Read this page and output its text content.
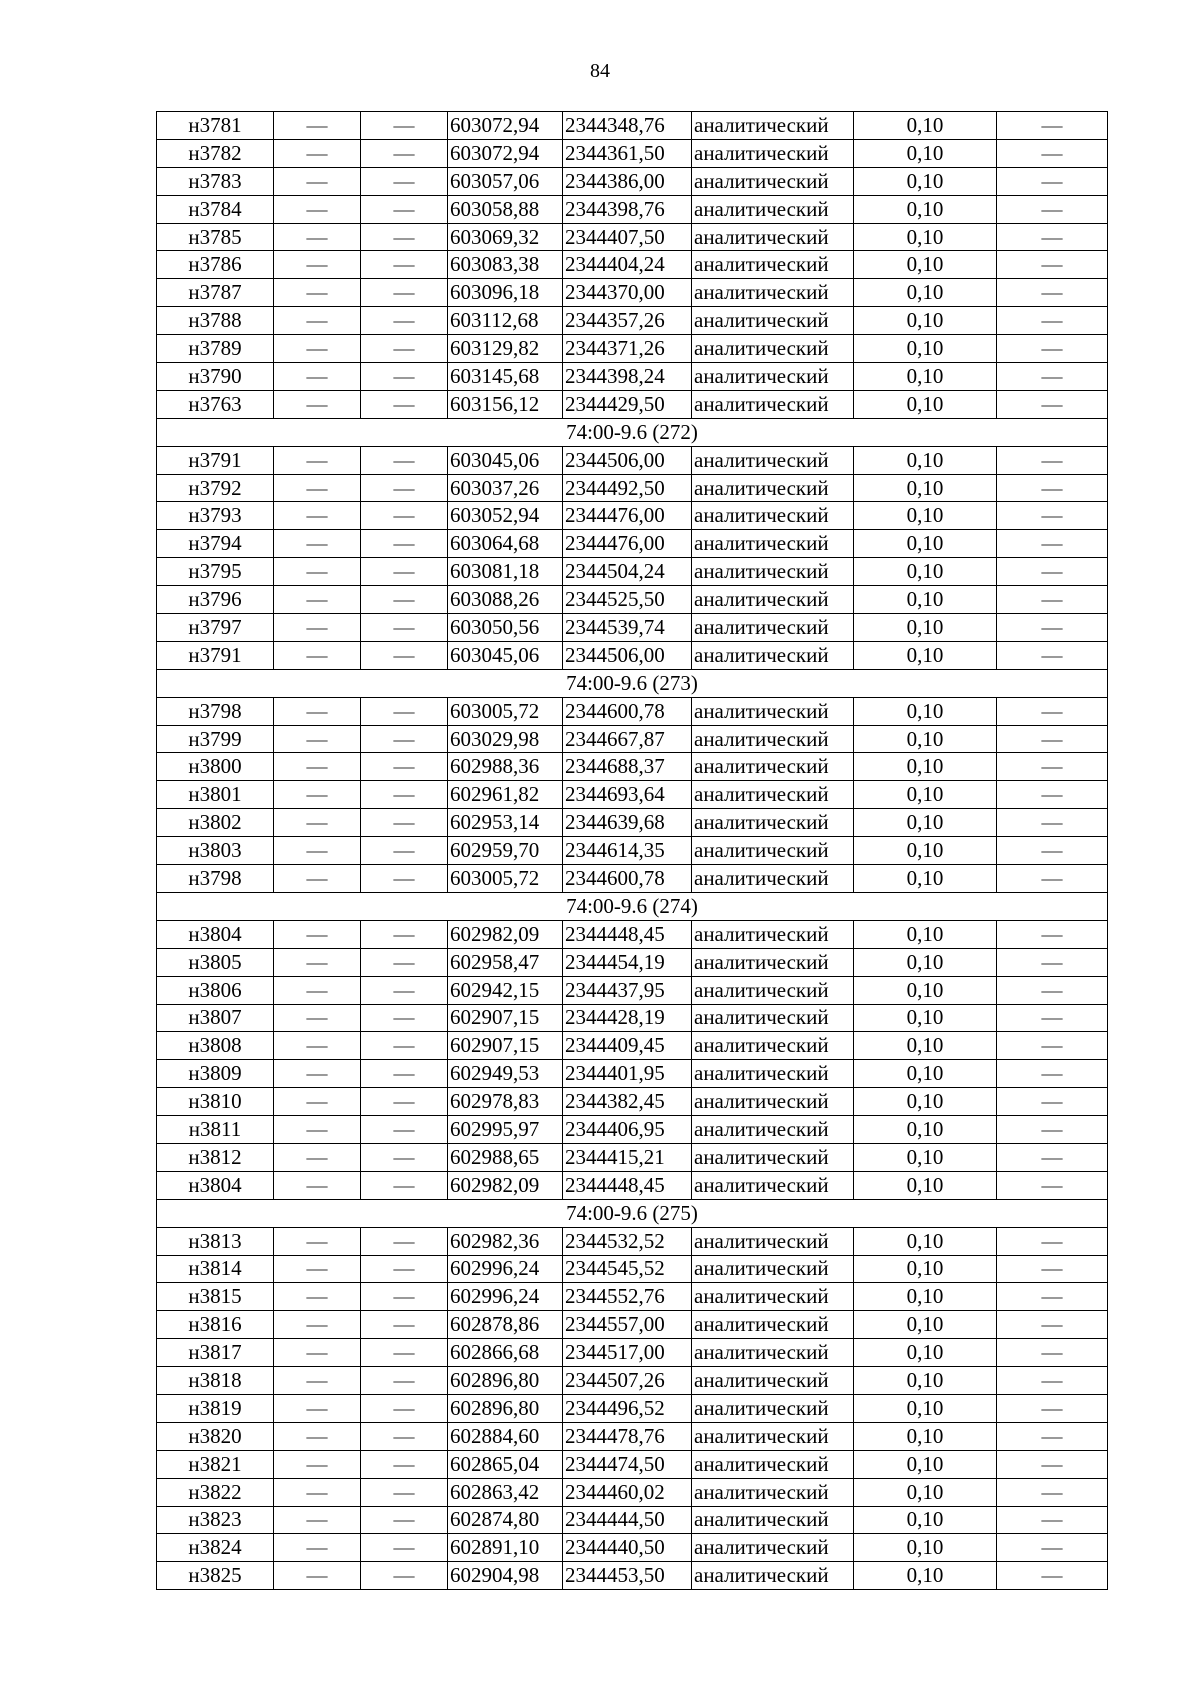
84
н3781	—	—	603072,94	2344348,76	аналитический	0,10	—
н3782	—	—	603072,94	2344361,50	аналитический	0,10	—
н3783	—	—	603057,06	2344386,00	аналитический	0,10	—
н3784	—	—	603058,88	2344398,76	аналитический	0,10	—
н3785	—	—	603069,32	2344407,50	аналитический	0,10	—
н3786	—	—	603083,38	2344404,24	аналитический	0,10	—
н3787	—	—	603096,18	2344370,00	аналитический	0,10	—
н3788	—	—	603112,68	2344357,26	аналитический	0,10	—
н3789	—	—	603129,82	2344371,26	аналитический	0,10	—
н3790	—	—	603145,68	2344398,24	аналитический	0,10	—
н3763	—	—	603156,12	2344429,50	аналитический	0,10	—
74:00-9.6 (272)							
н3791	—	—	603045,06	2344506,00	аналитический	0,10	—
н3792	—	—	603037,26	2344492,50	аналитический	0,10	—
н3793	—	—	603052,94	2344476,00	аналитический	0,10	—
н3794	—	—	603064,68	2344476,00	аналитический	0,10	—
н3795	—	—	603081,18	2344504,24	аналитический	0,10	—
н3796	—	—	603088,26	2344525,50	аналитический	0,10	—
н3797	—	—	603050,56	2344539,74	аналитический	0,10	—
н3791	—	—	603045,06	2344506,00	аналитический	0,10	—
74:00-9.6 (273)							
н3798	—	—	603005,72	2344600,78	аналитический	0,10	—
н3799	—	—	603029,98	2344667,87	аналитический	0,10	—
н3800	—	—	602988,36	2344688,37	аналитический	0,10	—
н3801	—	—	602961,82	2344693,64	аналитический	0,10	—
н3802	—	—	602953,14	2344639,68	аналитический	0,10	—
н3803	—	—	602959,70	2344614,35	аналитический	0,10	—
н3798	—	—	603005,72	2344600,78	аналитический	0,10	—
74:00-9.6 (274)							
н3804	—	—	602982,09	2344448,45	аналитический	0,10	—
н3805	—	—	602958,47	2344454,19	аналитический	0,10	—
н3806	—	—	602942,15	2344437,95	аналитический	0,10	—
н3807	—	—	602907,15	2344428,19	аналитический	0,10	—
н3808	—	—	602907,15	2344409,45	аналитический	0,10	—
н3809	—	—	602949,53	2344401,95	аналитический	0,10	—
н3810	—	—	602978,83	2344382,45	аналитический	0,10	—
н3811	—	—	602995,97	2344406,95	аналитический	0,10	—
н3812	—	—	602988,65	2344415,21	аналитический	0,10	—
н3804	—	—	602982,09	2344448,45	аналитический	0,10	—
74:00-9.6 (275)							
н3813	—	—	602982,36	2344532,52	аналитический	0,10	—
н3814	—	—	602996,24	2344545,52	аналитический	0,10	—
н3815	—	—	602996,24	2344552,76	аналитический	0,10	—
н3816	—	—	602878,86	2344557,00	аналитический	0,10	—
н3817	—	—	602866,68	2344517,00	аналитический	0,10	—
н3818	—	—	602896,80	2344507,26	аналитический	0,10	—
н3819	—	—	602896,80	2344496,52	аналитический	0,10	—
н3820	—	—	602884,60	2344478,76	аналитический	0,10	—
н3821	—	—	602865,04	2344474,50	аналитический	0,10	—
н3822	—	—	602863,42	2344460,02	аналитический	0,10	—
н3823	—	—	602874,80	2344444,50	аналитический	0,10	—
н3824	—	—	602891,10	2344440,50	аналитический	0,10	—
н3825	—	—	602904,98	2344453,50	аналитический	0,10	—
